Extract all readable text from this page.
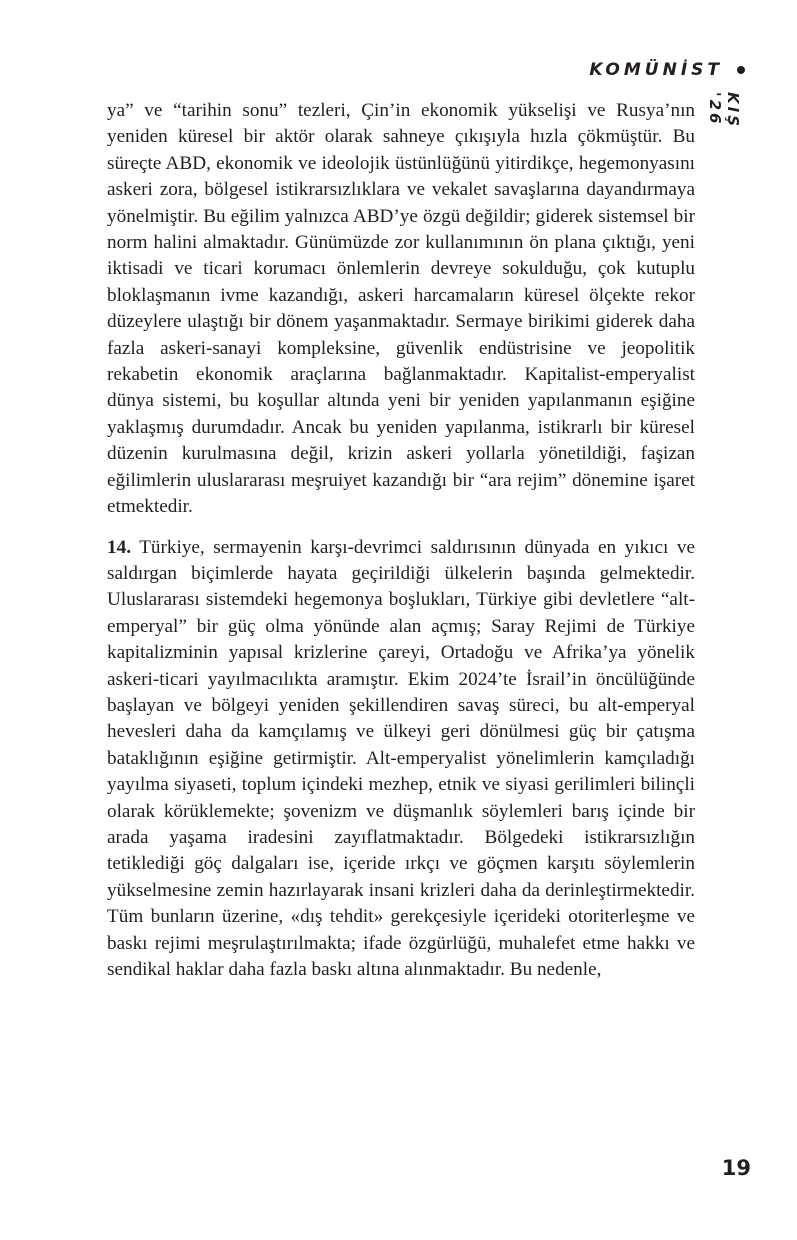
KOMÜNİST
KIŞ '26

ya” ve “tarihin sonu” tezleri, Çin’in ekonomik yükselişi ve Rusya’nın yeniden küresel bir aktör olarak sahneye çıkışıyla hızla çökmüştür. Bu süreçte ABD, ekonomik ve ideolojik üstünlüğünü yitirdikçe, hegemonyasını askeri zora, bölgesel istikrarsızlıklara ve vekalet savaşlarına dayandırmaya yönelmiştir. Bu eğilim yalnızca ABD’ye özgü değildir; giderek sistemsel bir norm halini almaktadır. Günümüzde zor kullanımının ön plana çıktığı, yeni iktisadi ve ticari korumacı önlemlerin devreye sokulduğu, çok kutuplu bloklaşmanın ivme kazandığı, askeri harcamaların küresel ölçekte rekor düzeylere ulaştığı bir dönem yaşanmaktadır. Sermaye birikimi giderek daha fazla askeri-sanayi kompleksine, güvenlik endüstrisine ve jeopolitik rekabetin ekonomik araçlarına bağlanmaktadır. Kapitalist-emperyalist dünya sistemi, bu koşullar altında yeni bir yeniden yapılanmanın eşiğine yaklaşmış durumdadır. Ancak bu yeniden yapılanma, istikrarlı bir küresel düzenin kurulmasına değil, krizin askeri yollarla yönetildiği, faşizan eğilimlerin uluslararası meşruiyet kazandığı bir “ara rejim” dönemine işaret etmektedir.

14. Türkiye, sermayenin karşı-devrimci saldırısının dünyada en yıkıcı ve saldırgan biçimlerde hayata geçirildiği ülkelerin başında gelmektedir. Uluslararası sistemdeki hegemonya boşlukları, Türkiye gibi devletlere “alt-emperyal” bir güç olma yönünde alan açmış; Saray Rejimi de Türkiye kapitalizminin yapısal krizlerine çareyi, Ortadoğu ve Afrika’ya yönelik askeri-ticari yayılmacılıkta aramıştır. Ekim 2024’te İsrail’in öncülüğünde başlayan ve bölgeyi yeniden şekillendiren savaş süreci, bu alt-emperyal hevesleri daha da kamçılamış ve ülkeyi geri dönülmesi güç bir çatışma bataklığının eşiğine getirmiştir. Alt-emperyalist yönelimlerin kamçıladığı yayılma siyaseti, toplum içindeki mezhep, etnik ve siyasi gerilimleri bilinçli olarak körüklemekte; şovenizm ve düşmanlık söylemleri barış içinde bir arada yaşama iradesini zayıflatmaktadır. Bölgedeki istikrarsızlığın tetiklediği göç dalgaları ise, içeride ırkçı ve göçmen karşıtı söylemlerin yükselmesine zemin hazırlayarak insani krizleri daha da derinleştirmektedir. Tüm bunların üzerine, «dış tehdit» gerekçesiyle içerideki otoriterleşme ve baskı rejimi meşrulaştırılmakta; ifade özgürlüğü, muhalefet etme hakkı ve sendikal haklar daha fazla baskı altına alınmaktadır. Bu nedenle,

19
